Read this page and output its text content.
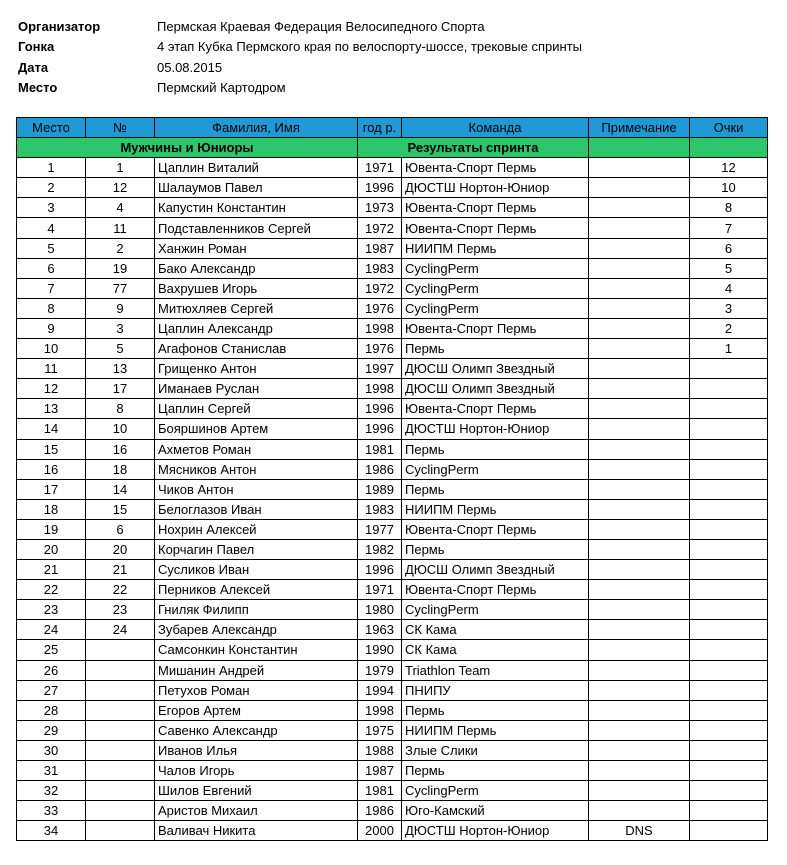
Организатор	Пермская Краевая Федерация Велосипедного Спорта
Гонка	4 этап Кубка Пермского края по велоспорту-шоссе, трековые спринты
Дата	05.08.2015
Место	Пермский Картодром
Место	№	Фамилия, Имя	год р.	Команда	Примечание	Очки
Мужчины и Юниоры			Результаты спринта			
1	1	Цаплин Виталий	1971	Ювента-Спорт Пермь		12
2	12	Шалаумов Павел	1996	ДЮСТШ Нортон-Юниор		10
3	4	Капустин Константин	1973	Ювента-Спорт Пермь		8
4	11	Подставленников Сергей	1972	Ювента-Спорт Пермь		7
5	2	Ханжин Роман	1987	НИИПМ Пермь		6
6	19	Бако Александр	1983	CyclingPerm		5
7	77	Вахрушев Игорь	1972	CyclingPerm		4
8	9	Митюхляев Сергей	1976	CyclingPerm		3
9	3	Цаплин Александр	1998	Ювента-Спорт Пермь		2
10	5	Агафонов Станислав	1976	Пермь		1
11	13	Грищенко Антон	1997	ДЮСШ Олимп Звездный		
12	17	Иманаев Руслан	1998	ДЮСШ Олимп Звездный		
13	8	Цаплин Сергей	1996	Ювента-Спорт Пермь		
14	10	Бояршинов Артем	1996	ДЮСТШ Нортон-Юниор		
15	16	Ахметов Роман	1981	Пермь		
16	18	Мясников Антон	1986	CyclingPerm		
17	14	Чиков Антон	1989	Пермь		
18	15	Белоглазов Иван	1983	НИИПМ Пермь		
19	6	Нохрин Алексей	1977	Ювента-Спорт Пермь		
20	20	Корчагин Павел	1982	Пермь		
21	21	Сусликов Иван	1996	ДЮСШ Олимп Звездный		
22	22	Перников Алексей	1971	Ювента-Спорт Пермь		
23	23	Гниляк Филипп	1980	CyclingPerm		
24	24	Зубарев Александр	1963	СК Кама		
25		Самсонкин Константин	1990	СК Кама		
26		Мишанин Андрей	1979	Triathlon Team		
27		Петухов Роман	1994	ПНИПУ		
28		Егоров Артем	1998	Пермь		
29		Савенко Александр	1975	НИИПМ Пермь		
30		Иванов Илья	1988	Злые Слики		
31		Чалов Игорь	1987	Пермь		
32		Шилов Евгений	1981	CyclingPerm		
33		Аристов Михаил	1986	Юго-Камский		
34		Валивач Никита	2000	ДЮСТШ Нортон-Юниор	DNS	
